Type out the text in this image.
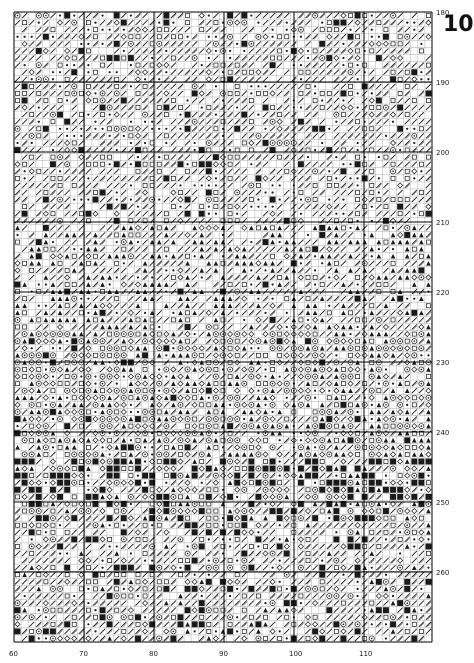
10
180
190
200
210
220
230
240
250
260
60	70	80	90	100	110
